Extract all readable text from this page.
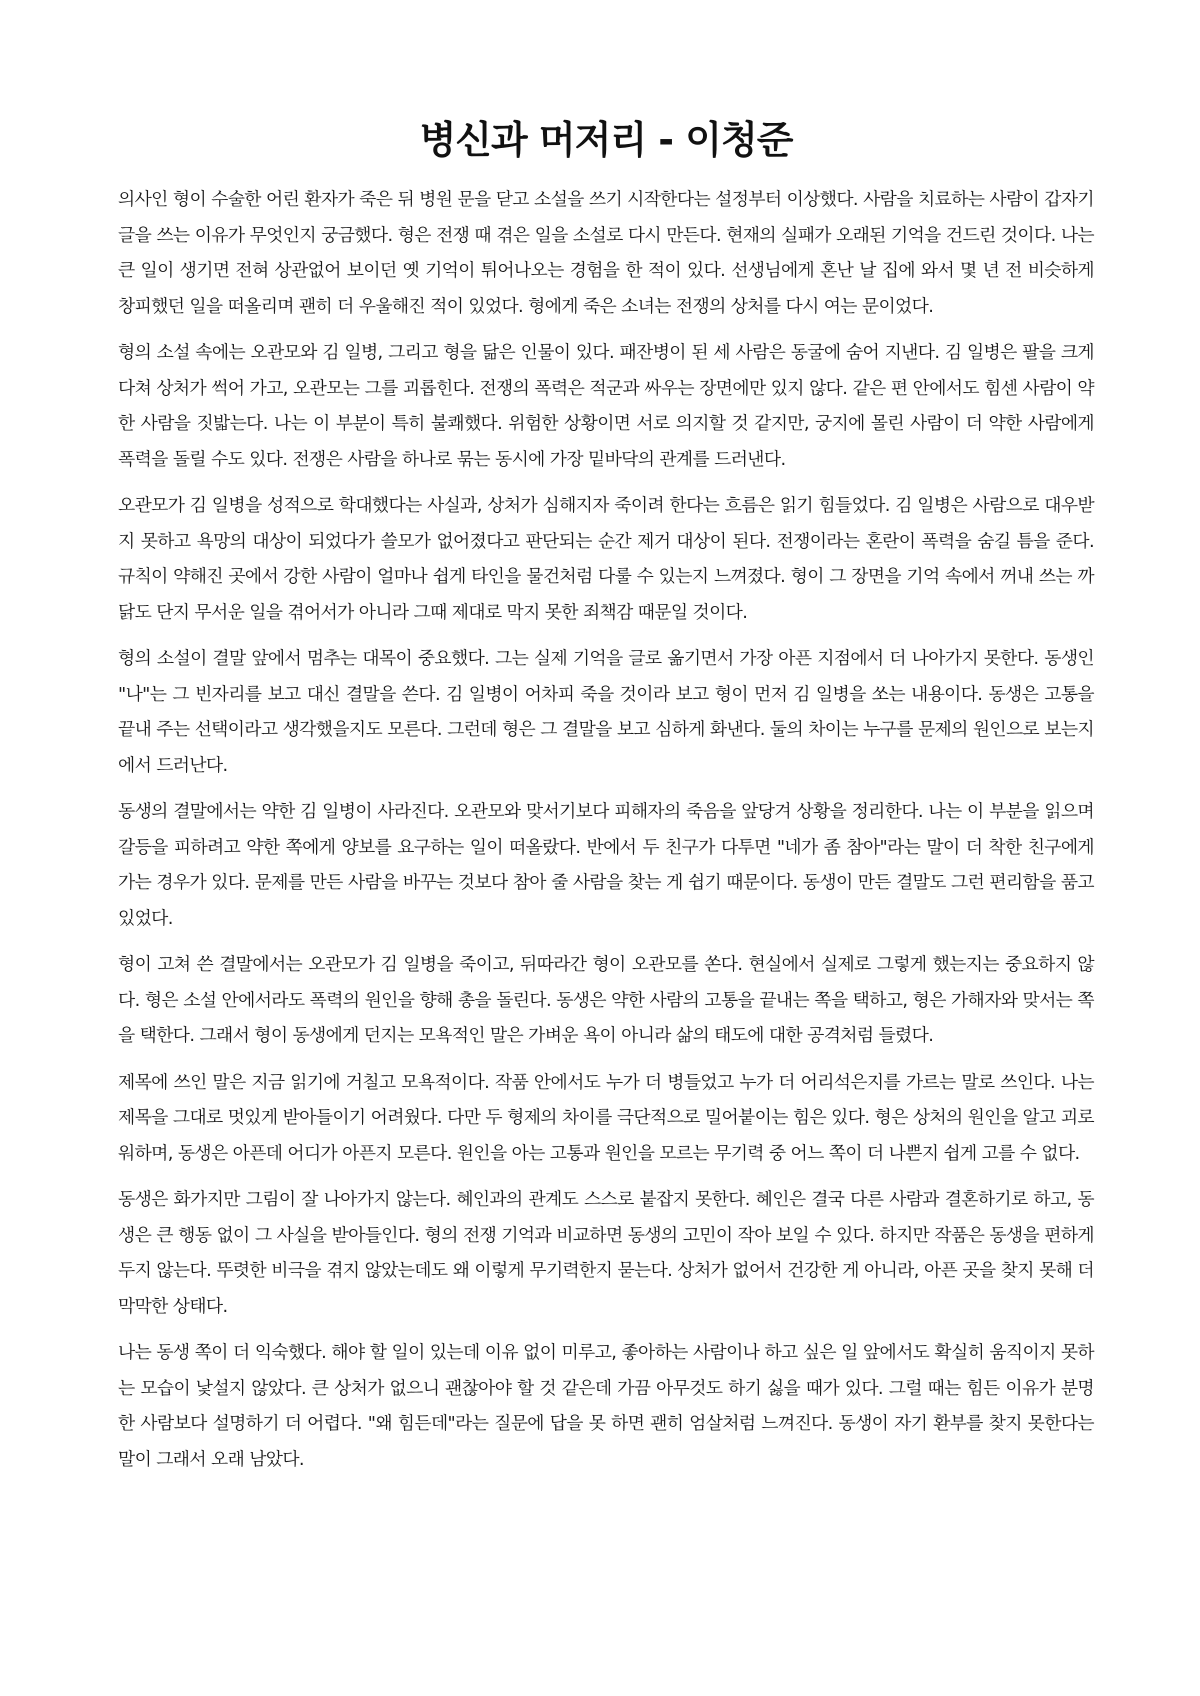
병신과 머저리 - 이청준

의사인 형이 수술한 어린 환자가 죽은 뒤 병원 문을 닫고 소설을 쓰기 시작한다는 설정부터 이상했다. 사람을 치료하는 사람이 갑자기 글을 쓰는 이유가 무엇인지 궁금했다. 형은 전쟁 때 겪은 일을 소설로 다시 만든다. 현재의 실패가 오래된 기억을 건드린 것이다. 나는 큰 일이 생기면 전혀 상관없어 보이던 옛 기억이 튀어나오는 경험을 한 적이 있다. 선생님에게 혼난 날 집에 와서 몇 년 전 비슷하게 창피했던 일을 떠올리며 괜히 더 우울해진 적이 있었다. 형에게 죽은 소녀는 전쟁의 상처를 다시 여는 문이었다.

형의 소설 속에는 오관모와 김 일병, 그리고 형을 닮은 인물이 있다. 패잔병이 된 세 사람은 동굴에 숨어 지낸다. 김 일병은 팔을 크게 다쳐 상처가 썩어 가고, 오관모는 그를 괴롭힌다. 전쟁의 폭력은 적군과 싸우는 장면에만 있지 않다. 같은 편 안에서도 힘센 사람이 약한 사람을 짓밟는다. 나는 이 부분이 특히 불쾌했다. 위험한 상황이면 서로 의지할 것 같지만, 궁지에 몰린 사람이 더 약한 사람에게 폭력을 돌릴 수도 있다. 전쟁은 사람을 하나로 묶는 동시에 가장 밑바닥의 관계를 드러낸다.

오관모가 김 일병을 성적으로 학대했다는 사실과, 상처가 심해지자 죽이려 한다는 흐름은 읽기 힘들었다. 김 일병은 사람으로 대우받지 못하고 욕망의 대상이 되었다가 쓸모가 없어졌다고 판단되는 순간 제거 대상이 된다. 전쟁이라는 혼란이 폭력을 숨길 틈을 준다. 규칙이 약해진 곳에서 강한 사람이 얼마나 쉽게 타인을 물건처럼 다룰 수 있는지 느껴졌다. 형이 그 장면을 기억 속에서 꺼내 쓰는 까닭도 단지 무서운 일을 겪어서가 아니라 그때 제대로 막지 못한 죄책감 때문일 것이다.

형의 소설이 결말 앞에서 멈추는 대목이 중요했다. 그는 실제 기억을 글로 옮기면서 가장 아픈 지점에서 더 나아가지 못한다. 동생인 "나"는 그 빈자리를 보고 대신 결말을 쓴다. 김 일병이 어차피 죽을 것이라 보고 형이 먼저 김 일병을 쏘는 내용이다. 동생은 고통을 끝내 주는 선택이라고 생각했을지도 모른다. 그런데 형은 그 결말을 보고 심하게 화낸다. 둘의 차이는 누구를 문제의 원인으로 보는지에서 드러난다.

동생의 결말에서는 약한 김 일병이 사라진다. 오관모와 맞서기보다 피해자의 죽음을 앞당겨 상황을 정리한다. 나는 이 부분을 읽으며 갈등을 피하려고 약한 쪽에게 양보를 요구하는 일이 떠올랐다. 반에서 두 친구가 다투면 "네가 좀 참아"라는 말이 더 착한 친구에게 가는 경우가 있다. 문제를 만든 사람을 바꾸는 것보다 참아 줄 사람을 찾는 게 쉽기 때문이다. 동생이 만든 결말도 그런 편리함을 품고 있었다.

형이 고쳐 쓴 결말에서는 오관모가 김 일병을 죽이고, 뒤따라간 형이 오관모를 쏜다. 현실에서 실제로 그렇게 했는지는 중요하지 않다. 형은 소설 안에서라도 폭력의 원인을 향해 총을 돌린다. 동생은 약한 사람의 고통을 끝내는 쪽을 택하고, 형은 가해자와 맞서는 쪽을 택한다. 그래서 형이 동생에게 던지는 모욕적인 말은 가벼운 욕이 아니라 삶의 태도에 대한 공격처럼 들렸다.

제목에 쓰인 말은 지금 읽기에 거칠고 모욕적이다. 작품 안에서도 누가 더 병들었고 누가 더 어리석은지를 가르는 말로 쓰인다. 나는 제목을 그대로 멋있게 받아들이기 어려웠다. 다만 두 형제의 차이를 극단적으로 밀어붙이는 힘은 있다. 형은 상처의 원인을 알고 괴로워하며, 동생은 아픈데 어디가 아픈지 모른다. 원인을 아는 고통과 원인을 모르는 무기력 중 어느 쪽이 더 나쁜지 쉽게 고를 수 없다.

동생은 화가지만 그림이 잘 나아가지 않는다. 혜인과의 관계도 스스로 붙잡지 못한다. 혜인은 결국 다른 사람과 결혼하기로 하고, 동생은 큰 행동 없이 그 사실을 받아들인다. 형의 전쟁 기억과 비교하면 동생의 고민이 작아 보일 수 있다. 하지만 작품은 동생을 편하게 두지 않는다. 뚜렷한 비극을 겪지 않았는데도 왜 이렇게 무기력한지 묻는다. 상처가 없어서 건강한 게 아니라, 아픈 곳을 찾지 못해 더 막막한 상태다.

나는 동생 쪽이 더 익숙했다. 해야 할 일이 있는데 이유 없이 미루고, 좋아하는 사람이나 하고 싶은 일 앞에서도 확실히 움직이지 못하는 모습이 낯설지 않았다. 큰 상처가 없으니 괜찮아야 할 것 같은데 가끔 아무것도 하기 싫을 때가 있다. 그럴 때는 힘든 이유가 분명한 사람보다 설명하기 더 어렵다. "왜 힘든데"라는 질문에 답을 못 하면 괜히 엄살처럼 느껴진다. 동생이 자기 환부를 찾지 못한다는 말이 그래서 오래 남았다.
